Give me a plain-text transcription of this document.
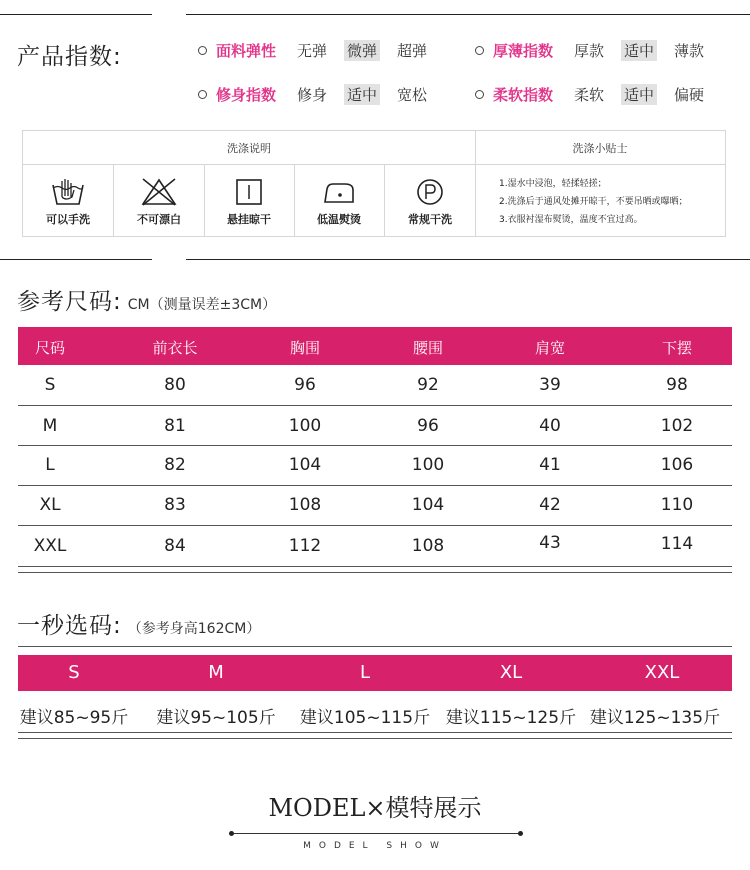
产品指数:	面料弹性 无弹 微弹 超弹	厚薄指数 厚款 适中 薄款
修身指数 修身 适中 宽松	柔软指数 柔软 适中 偏硬
洗涤说明	洗涤小贴士
可以手洗	不可漂白	悬挂晾干	低温熨烫	常规干洗
1.湿水中浸泡，轻揉轻搓；
2.洗涤后于通风处摊开晾干，不要吊晒或曝晒；
3.衣服衬湿布熨烫，温度不宜过高。
参考尺码: CM（测量误差±3CM）
尺码	前衣长	胸围	腰围	肩宽	下摆
S	80	96	92	39	98
M	81	100	96	40	102
L	82	104	100	41	106
XL	83	108	104	42	110
XXL	84	112	108	43	114
一秒选码: （参考身高162CM）
S	M	L	XL	XXL
建议85~95斤 建议95~105斤 建议105~115斤 建议115~125斤 建议125~135斤
MODEL×模特展示
MODEL SHOW
